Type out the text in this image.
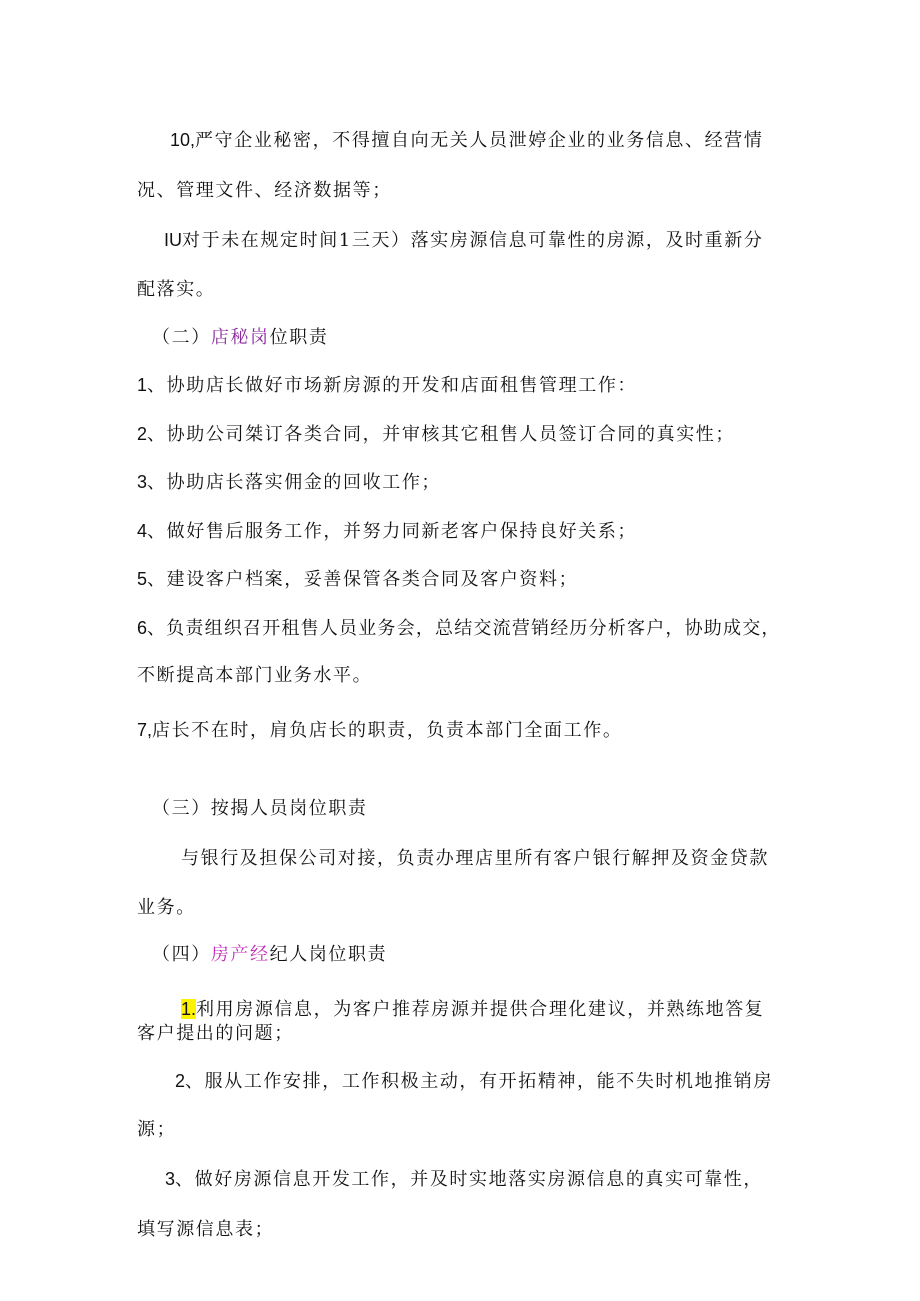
10,严守企业秘密，不得擅自向无关人员泄婷企业的业务信息、经营情
况、管理文件、经济数据等；
IU对于未在规定时间1三天）落实房源信息可靠性的房源，及时重新分
配落实。
（二）店秘岗位职责
1、协助店长做好市场新房源的开发和店面租售管理工作：
2、协助公司桀订各类合同，并审核其它租售人员签订合同的真实性；
3、协助店长落实佣金的回收工作；
4、做好售后服务工作，并努力同新老客户保持良好关系；
5、建设客户档案，妥善保管各类合同及客户资料；
6、负责组织召开租售人员业务会，总结交流营销经历分析客户，协助成交，
不断提高本部门业务水平。
7,店长不在时，肩负店长的职责，负责本部门全面工作。
（三）按揭人员岗位职责
与银行及担保公司对接，负责办理店里所有客户银行解押及资金贷款
业务。
（四）房产经纪人岗位职责
1.利用房源信息，为客户推荐房源并提供合理化建议，并熟练地答复
客户提出的问题；
2、服从工作安排，工作积极主动，有开拓精神，能不失时机地推销房
源；
3、做好房源信息开发工作，并及时实地落实房源信息的真实可靠性，
填写源信息表；
